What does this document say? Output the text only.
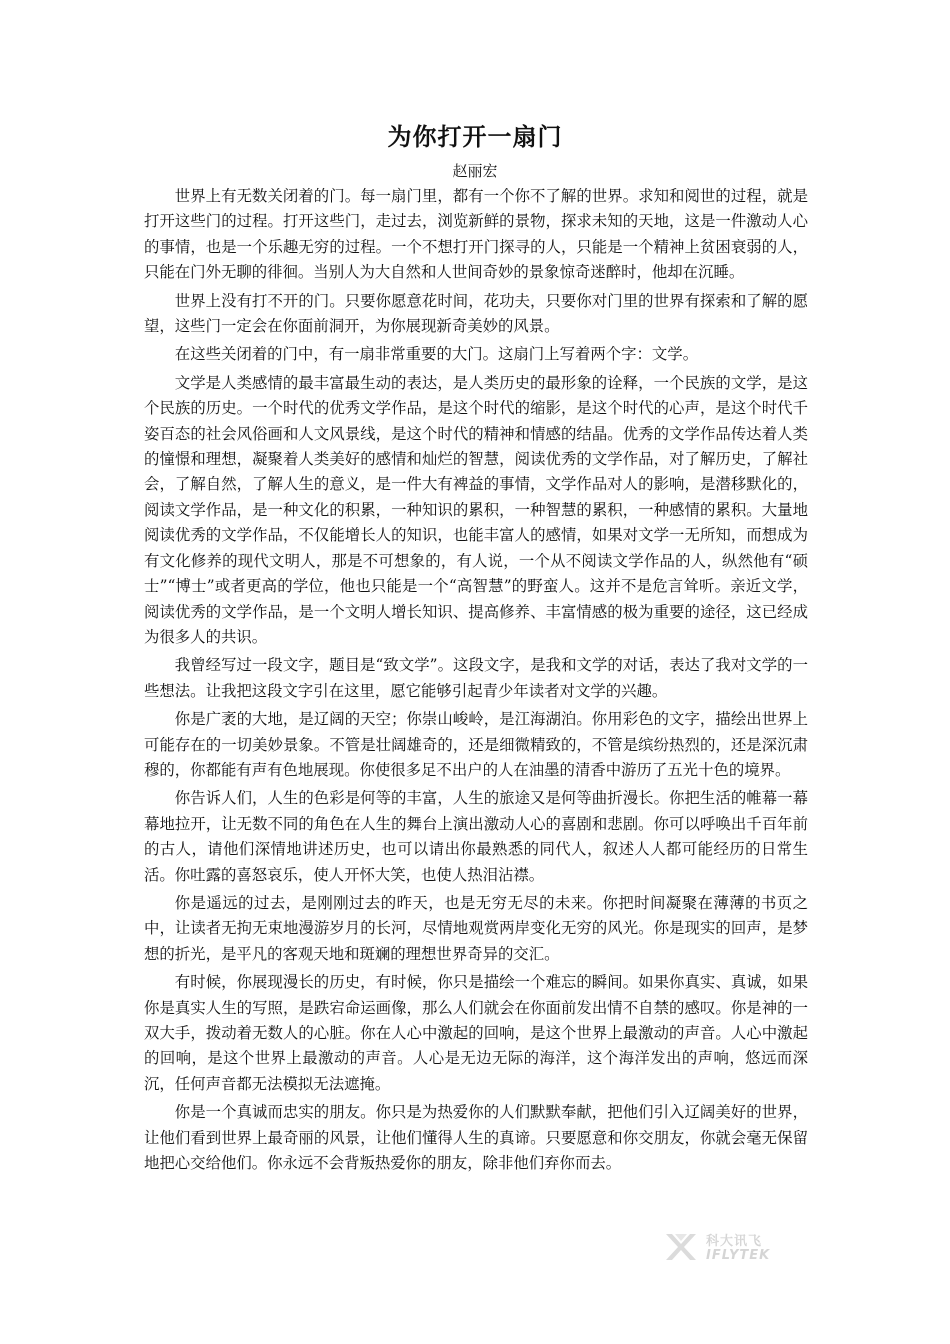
为你打开一扇门
赵丽宏

世界上有无数关闭着的门。每一扇门里，都有一个你不了解的世界。求知和阅世的过程，就是打开这些门的过程。打开这些门，走过去，浏览新鲜的景物，探求未知的天地，这是一件激动人心的事情，也是一个乐趣无穷的过程。一个不想打开门探寻的人，只能是一个精神上贫困衰弱的人，只能在门外无聊的徘徊。当别人为大自然和人世间奇妙的景象惊奇迷醉时，他却在沉睡。

世界上没有打不开的门。只要你愿意花时间，花功夫，只要你对门里的世界有探索和了解的愿望，这些门一定会在你面前洞开，为你展现新奇美妙的风景。

在这些关闭着的门中，有一扇非常重要的大门。这扇门上写着两个字：文学。

文学是人类感情的最丰富最生动的表达，是人类历史的最形象的诠释，一个民族的文学，是这个民族的历史。一个时代的优秀文学作品，是这个时代的缩影，是这个时代的心声，是这个时代千姿百态的社会风俗画和人文风景线，是这个时代的精神和情感的结晶。优秀的文学作品传达着人类的憧憬和理想，凝聚着人类美好的感情和灿烂的智慧，阅读优秀的文学作品，对了解历史，了解社会，了解自然，了解人生的意义，是一件大有裨益的事情，文学作品对人的影响，是潜移默化的，阅读文学作品，是一种文化的积累，一种知识的累积，一种智慧的累积，一种感情的累积。大量地阅读优秀的文学作品，不仅能增长人的知识，也能丰富人的感情，如果对文学一无所知，而想成为有文化修养的现代文明人，那是不可想象的，有人说，一个从不阅读文学作品的人，纵然他有“硕士”“博士”或者更高的学位，他也只能是一个“高智慧”的野蛮人。这并不是危言耸听。亲近文学，阅读优秀的文学作品，是一个文明人增长知识、提高修养、丰富情感的极为重要的途径，这已经成为很多人的共识。

我曾经写过一段文字，题目是“致文学”。这段文字，是我和文学的对话，表达了我对文学的一些想法。让我把这段文字引在这里，愿它能够引起青少年读者对文学的兴趣。

你是广袤的大地，是辽阔的天空；你崇山峻岭，是江海湖泊。你用彩色的文字，描绘出世界上可能存在的一切美妙景象。不管是壮阔雄奇的，还是细微精致的，不管是缤纷热烈的，还是深沉肃穆的，你都能有声有色地展现。你使很多足不出户的人在油墨的清香中游历了五光十色的境界。

你告诉人们，人生的色彩是何等的丰富，人生的旅途又是何等曲折漫长。你把生活的帷幕一幕幕地拉开，让无数不同的角色在人生的舞台上演出激动人心的喜剧和悲剧。你可以呼唤出千百年前的古人，请他们深情地讲述历史，也可以请出你最熟悉的同代人，叙述人人都可能经历的日常生活。你吐露的喜怒哀乐，使人开怀大笑，也使人热泪沾襟。

你是遥远的过去，是刚刚过去的昨天，也是无穷无尽的未来。你把时间凝聚在薄薄的书页之中，让读者无拘无束地漫游岁月的长河，尽情地观赏两岸变化无穷的风光。你是现实的回声，是梦想的折光，是平凡的客观天地和斑斓的理想世界奇异的交汇。

有时候，你展现漫长的历史，有时候，你只是描绘一个难忘的瞬间。如果你真实、真诚，如果你是真实人生的写照，是跌宕命运画像，那么人们就会在你面前发出情不自禁的感叹。你是神的一双大手，拨动着无数人的心脏。你在人心中激起的回响，是这个世界上最激动的声音。人心中激起的回响，是这个世界上最激动的声音。人心是无边无际的海洋，这个海洋发出的声响，悠远而深沉，任何声音都无法模拟无法遮掩。

你是一个真诚而忠实的朋友。你只是为热爱你的人们默默奉献，把他们引入辽阔美好的世界，让他们看到世界上最奇丽的风景，让他们懂得人生的真谛。只要愿意和你交朋友，你就会毫无保留地把心交给他们。你永远不会背叛热爱你的朋友，除非他们弃你而去。

科大讯飞
IFLYTEK
